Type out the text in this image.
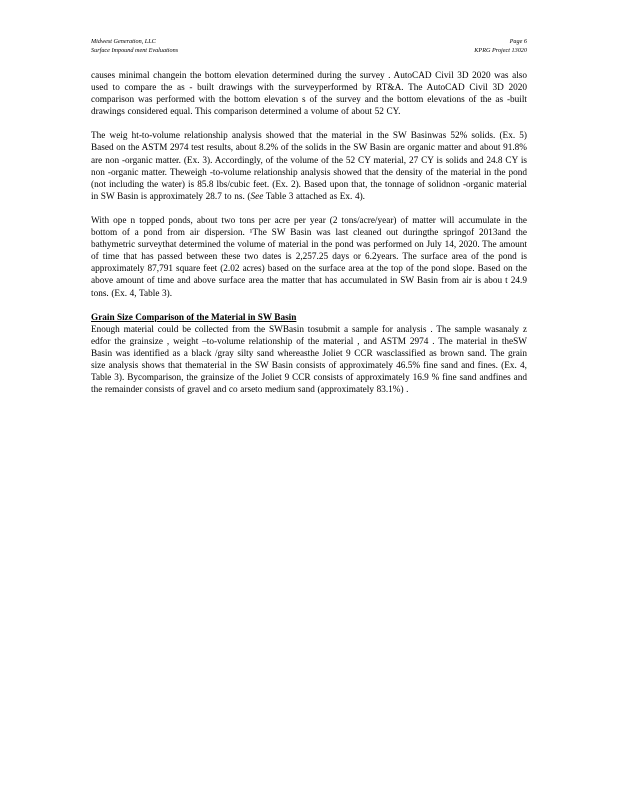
Midwest Generation, LLC	Page 6
Surface Impound ment Evaluations	KPRG Project 13020

causes minimal changein the bottom elevation determined during the survey . AutoCAD Civil 3D 2020 was also used to compare the as - built drawings with the surveyperformed by RT&A. The AutoCAD Civil 3D 2020 comparison was performed with the bottom elevation s of the survey and the bottom elevations of the as -built drawings considered equal. This comparison determined a volume of about 52 CY.

The weig ht-to-volume relationship analysis showed that the material in the SW Basinwas 52% solids. (Ex. 5) Based on the ASTM 2974 test results, about 8.2% of the solids in the SW Basin are organic matter and about 91.8% are non -organic matter. (Ex. 3). Accordingly, of the volume of the 52 CY material, 27 CY is solids and 24.8 CY is non -organic matter. Theweigh -to-volume relationship analysis showed that the density of the material in the pond (not including the water) is 85.8 lbs/cubic feet. (Ex. 2). Based upon that, the tonnage of solidnon -organic material in SW Basin is approximately 28.7 to ns. (See Table 3 attached as Ex. 4).

With ope n topped ponds, about two tons per acre per year (2 tons/acre/year) of matter will accumulate in the bottom of a pond from air dispersion. ¹The SW Basin was last cleaned out duringthe springof 2013and the bathymetric surveythat determined the volume of material in the pond was performed on July 14, 2020. The amount of time that has passed between these two dates is 2,257.25 days or 6.2years. The surface area of the pond is approximately 87,791 square feet (2.02 acres) based on the surface area at the top of the pond slope. Based on the above amount of time and above surface area the matter that has accumulated in SW Basin from air is abou t 24.9 tons. (Ex. 4, Table 3).

Grain Size Comparison of the Material in SW Basin

Enough material could be collected from the SWBasin tosubmit a sample for analysis . The sample wasanaly z edfor the grainsize , weight –to-volume relationship of the material , and ASTM 2974 . The material in theSW Basin was identified as a black /gray silty sand whereasthe Joliet 9 CCR wasclassified as brown sand. The grain size analysis shows that thematerial in the SW Basin consists of approximately 46.5% fine sand and fines. (Ex. 4, Table 3). Bycomparison, the grainsize of the Joliet 9 CCR consists of approximately 16.9 % fine sand andfines and the remainder consists of gravel and co arseto medium sand (approximately 83.1%) .
